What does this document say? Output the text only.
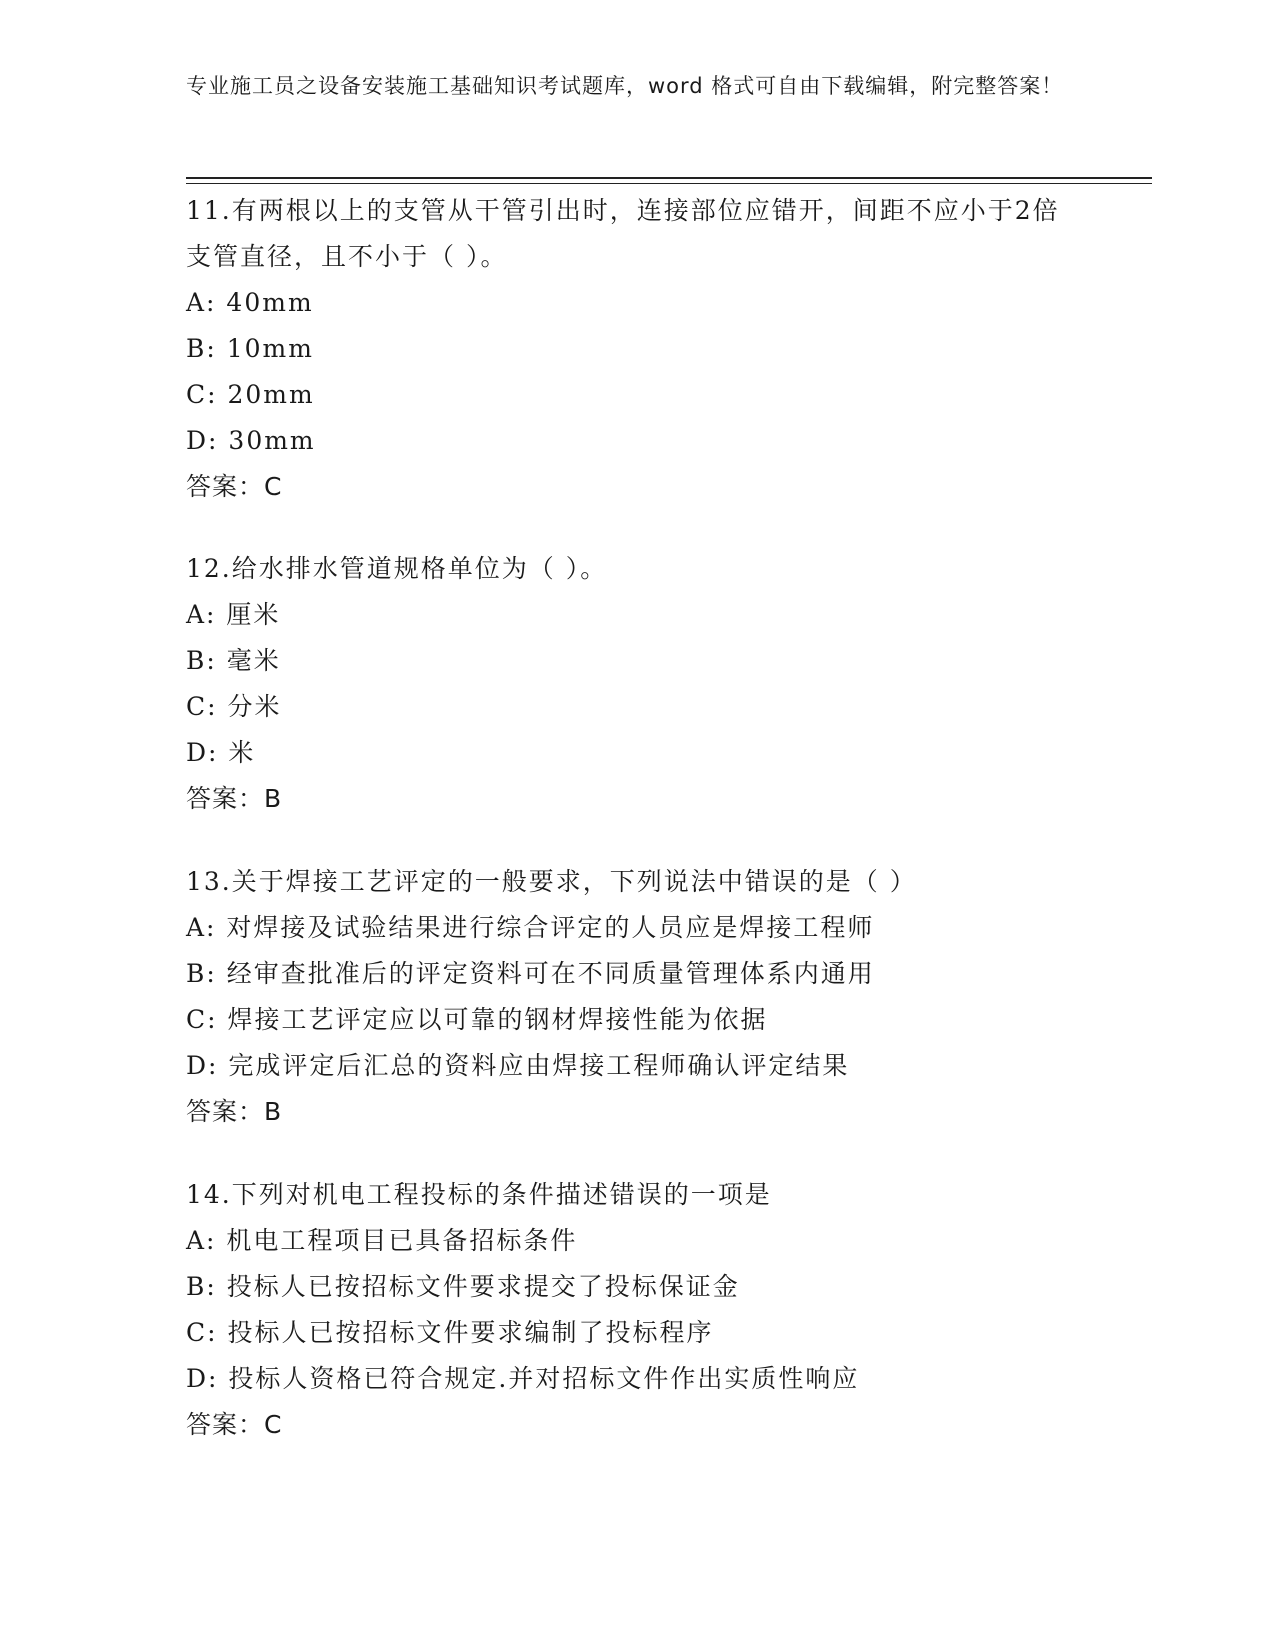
专业施工员之设备安装施工基础知识考试题库，word 格式可自由下载编辑，附完整答案！
11.有两根以上的支管从干管引出时，连接部位应错开，间距不应小于2倍支管直径，且不小于（ ）。
A: 40mm
B: 10mm
C: 20mm
D: 30mm
答案：C
12.给水排水管道规格单位为（ ）。
A: 厘米
B: 毫米
C: 分米
D: 米
答案：B
13.关于焊接工艺评定的一般要求，下列说法中错误的是（ ）
A: 对焊接及试验结果进行综合评定的人员应是焊接工程师
B: 经审查批准后的评定资料可在不同质量管理体系内通用
C: 焊接工艺评定应以可靠的钢材焊接性能为依据
D: 完成评定后汇总的资料应由焊接工程师确认评定结果
答案：B
14.下列对机电工程投标的条件描述错误的一项是
A: 机电工程项目已具备招标条件
B: 投标人已按招标文件要求提交了投标保证金
C: 投标人已按招标文件要求编制了投标程序
D: 投标人资格已符合规定.并对招标文件作出实质性响应
答案：C
